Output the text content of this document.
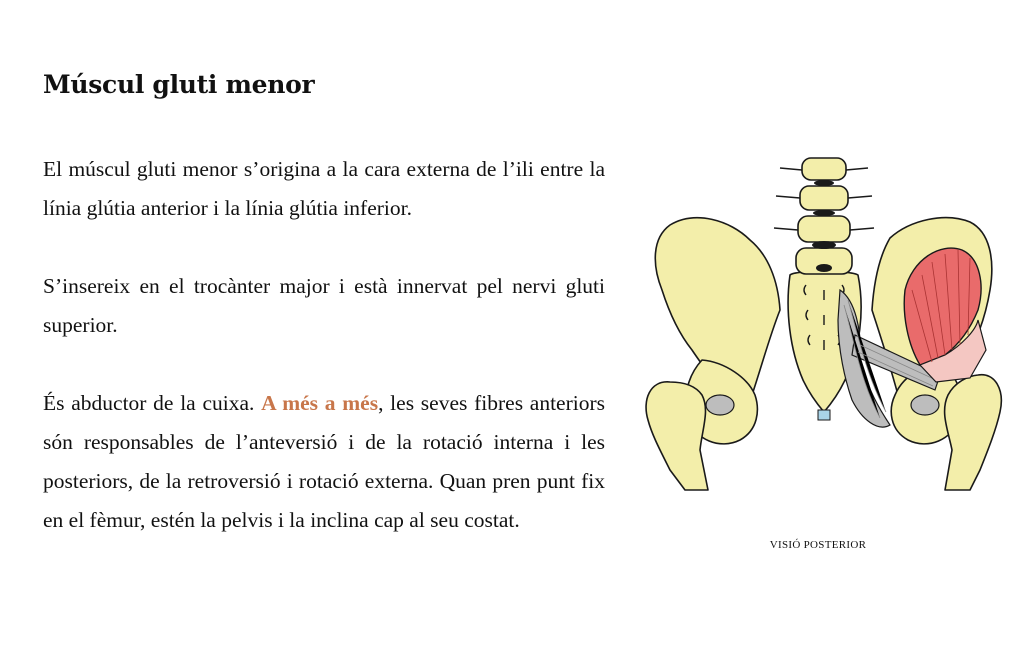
Múscul gluti menor

El múscul gluti menor s’origina a la cara externa de l’ili entre la línia glútia anterior i la línia glútia inferior.

S’insereix en el trocànter major i està innervat pel nervi gluti superior.

És abductor de la cuixa. A més a més, les seves fibres anteriors són responsables de l’anteversió i de la rotació interna i les posteriors, de la retroversió i rotació externa. Quan pren punt fix en el fèmur, estén la pelvis i la inclina cap al seu costat.

VISIÓ POSTERIOR
